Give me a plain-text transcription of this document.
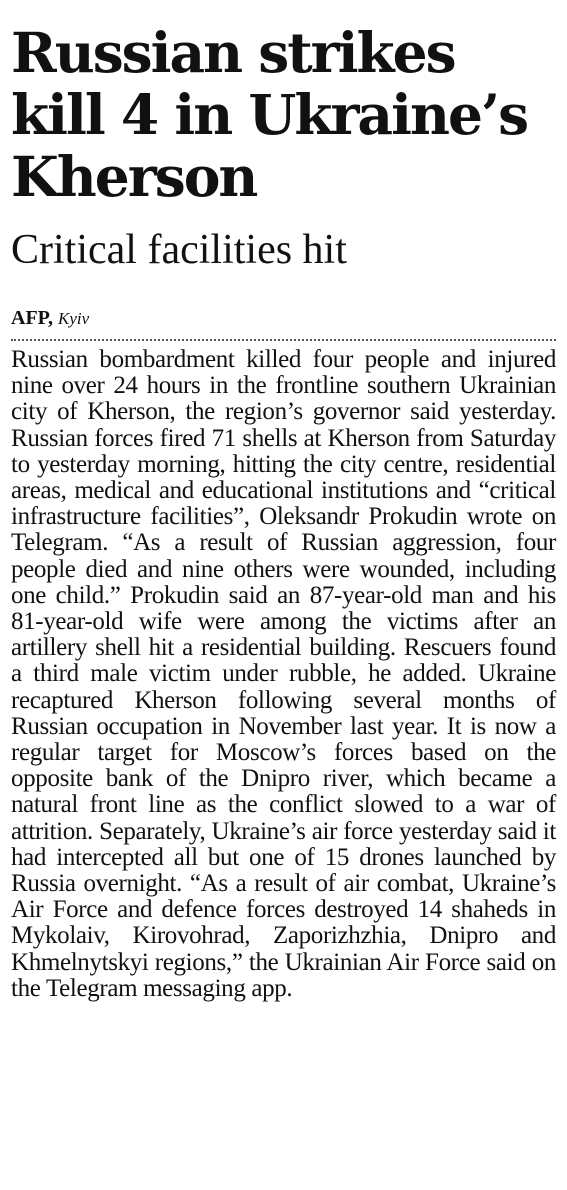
Russian strikes kill 4 in Ukraine’s Kherson
Critical facilities hit
AFP, Kyiv

Russian bombardment killed four people and injured nine over 24 hours in the frontline southern Ukrainian city of Kherson, the region’s governor said yesterday. Russian forces fired 71 shells at Kherson from Saturday to yesterday morning, hitting the city centre, residential areas, medical and educational institutions and “critical infrastructure facilities”, Oleksandr Prokudin wrote on Telegram. “As a result of Russian aggression, four people died and nine others were wounded, including one child.” Prokudin said an 87-year-old man and his 81-year-old wife were among the victims after an artillery shell hit a residential building. Rescuers found a third male victim under rubble, he added. Ukraine recaptured Kherson following several months of Russian occupation in November last year. It is now a regular target for Moscow’s forces based on the opposite bank of the Dnipro river, which became a natural front line as the conflict slowed to a war of attrition. Separately, Ukraine’s air force yesterday said it had intercepted all but one of 15 drones launched by Russia overnight. “As a result of air combat, Ukraine’s Air Force and defence forces destroyed 14 shaheds in Mykolaiv, Kirovohrad, Zaporizhzhia, Dnipro and Khmelnytskyi regions,” the Ukrainian Air Force said on the Telegram messaging app.
